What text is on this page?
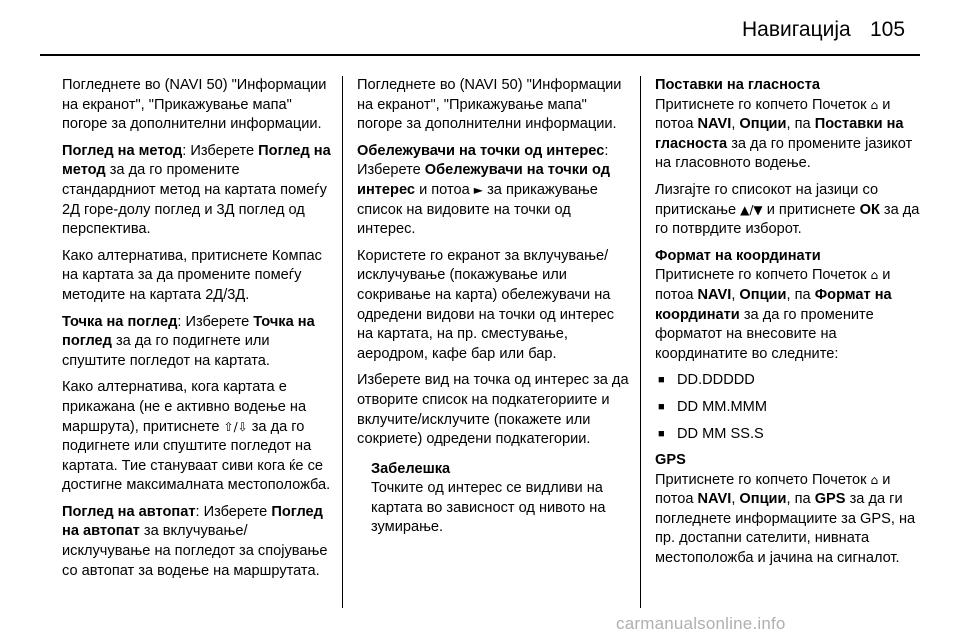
Навигација 105

Погледнете во (NAVI 50) "Информации на екранот", "Прикажување мапа" погоре за дополнителни информации.

Поглед на метод: Изберете Поглед на метод за да го промените стандардниот метод на картата помеѓу 2Д горе-долу поглед и 3Д поглед од перспектива.

Како алтернатива, притиснете Компас на картата за да промените помеѓу методите на картата 2Д/3Д.

Точка на поглед: Изберете Точка на поглед за да го подигнете или спуштите погледот на картата.

Како алтернатива, кога картата е прикажана (не е активно водење на маршрута), притиснете ⇧/⇩ за да го подигнете или спуштите погледот на картата. Тие стануваат сиви кога ќе се достигне максималната местоположба.

Поглед на автопат: Изберете Поглед на автопат за вклучување/исклучување на погледот за спојување со автопат за водење на маршрутата.

Погледнете во (NAVI 50) "Информации на екранот", "Прикажување мапа" погоре за дополнителни информации.

Обележувачи на точки од интерес: Изберете Обележувачи на точки од интерес и потоа ► за прикажување список на видовите на точки од интерес.

Користете го екранот за вклучување/исклучување (покажување или сокривање на карта) обележувачи на одредени видови на точки од интерес на картата, на пр. сместување, аеродром, кафе бар или бар.

Изберете вид на точка од интерес за да отворите список на подкатегориите и вклучите/исклучите (покажете или сокриете) одредени подкатегории.

Забелешка
Точките од интерес се видливи на картата во зависност од нивото на зумирање.

Поставки на гласноста

Притиснете го копчето Почеток ⌂ и потоа NAVI, Опции, па Поставки на гласноста за да го промените јазикот на гласовното водење.

Лизгајте го списокот на јазици со притискање ▲/▼ и притиснете ОК за да го потврдите изборот.

Формат на координати

Притиснете го копчето Почеток ⌂ и потоа NAVI, Опции, па Формат на координати за да го промените форматот на внесовите на координатите во следните:

■ DD.DDDDD
■ DD MM.MMM
■ DD MM SS.S

GPS

Притиснете го копчето Почеток ⌂ и потоа NAVI, Опции, па GPS за да ги погледнете информациите за GPS, на пр. достапни сателити, нивната местоположба и јачина на сигналот.

carmanualsonline.info
